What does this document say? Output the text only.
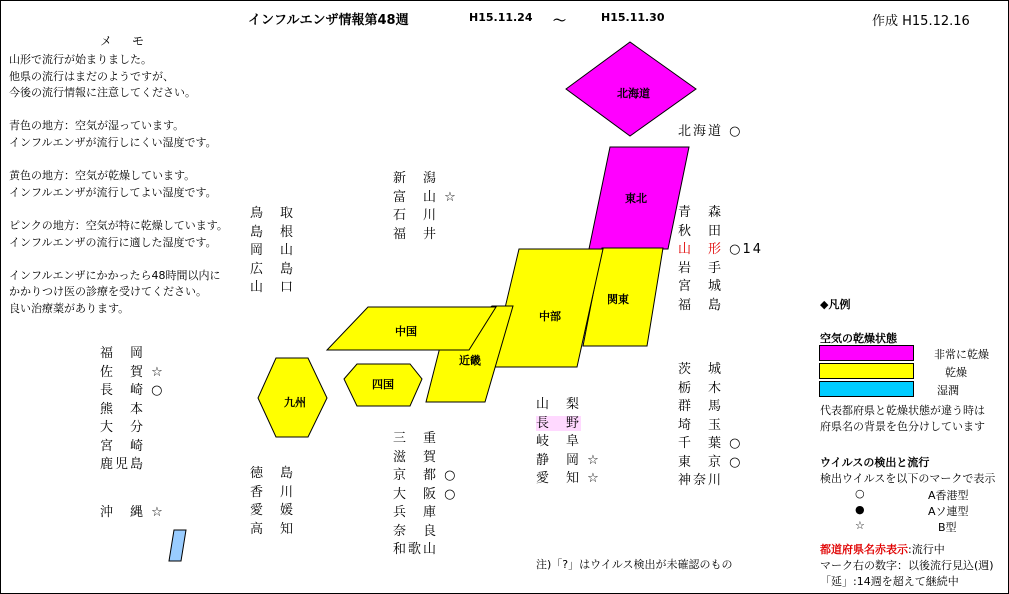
インフルエンザ情報第48週	H15.11.24 ～	H15.11.30	作成 H15.12.16
メ　モ
山形で流行が始まりました。
他県の流行はまだのようですが、
今後の流行情報に注意してください。

青色の地方：空気が湿っています。
インフルエンザが流行しにくい湿度です。

黄色の地方：空気が乾燥しています。
インフルエンザが流行してよい湿度です。

ピンクの地方：空気が特に乾燥しています。
インフルエンザの流行に適した湿度です。

インフルエンザにかかったら48時間以内に
かかりつけ医の診療を受けてください。
良い治療薬があります。
北海道
東北
関東
中部
近畿
中国
四国
九州
北海道 ○
青　森
秋　田
山　形 ○14
岩　手
宮　城
福　島
新　潟
富　山 ☆
石　川
福　井
鳥　取
島　根
岡　山
広　島
山　口
福　岡
佐　賀 ☆
長　崎 ○
熊　本
大　分
宮　崎
鹿児島
沖　縄 ☆
徳　島
香　川
愛　媛
高　知
三　重
滋　賀
京　都 ○
大　阪 ○
兵　庫
奈　良
和歌山
山　梨
長　野
岐　阜
静　岡 ☆
愛　知 ☆
茨　城
栃　木
群　馬
埼　玉
千　葉 ○
東　京 ○
神奈川
注)「?」はウイルス検出が未確認のもの
◆凡例
空気の乾燥状態
非常に乾燥
乾燥
湿潤
代表都府県と乾燥状態が違う時は
府県名の背景を色分けしています
ウイルスの検出と流行
検出ウイルスを以下のマークで表示
○	A香港型
●	Aソ連型
☆	B型
都道府県名赤表示:流行中
マーク右の数字：以後流行見込(週)
「延」:14週を超えて継続中
